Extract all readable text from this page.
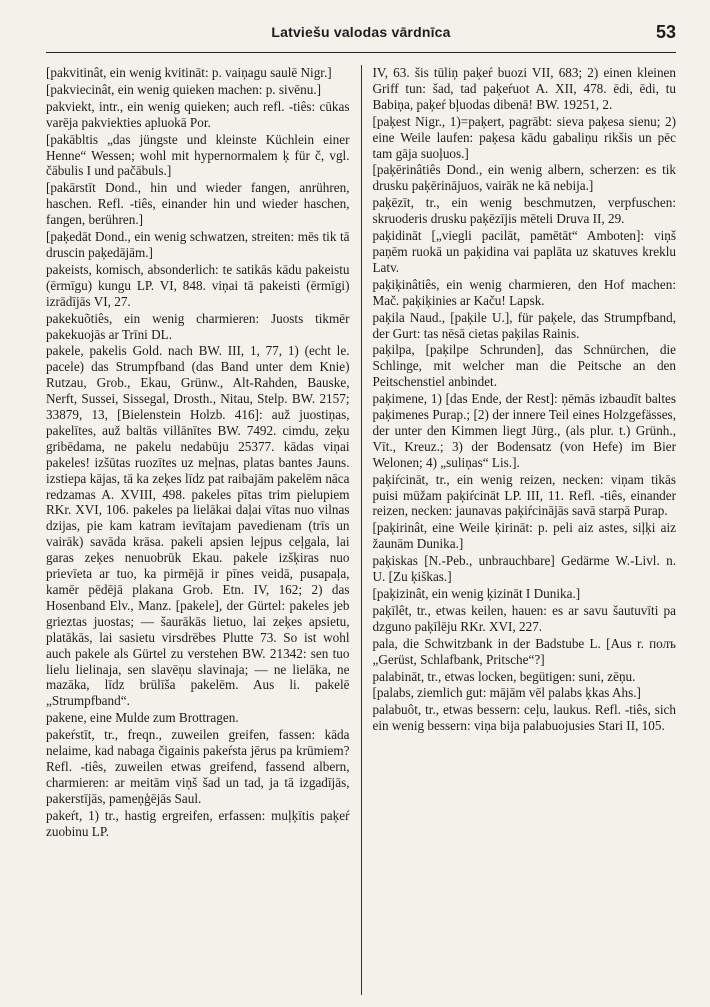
Latviešu valodas vārdnīca	53

[pakvitinât, ein wenig kvitināt: p. vaiņagu saulē Nigr.]

[pakviecinât, ein wenig quieken machen: p. sivēnu.]

pakviekt, intr., ein wenig quieken; auch refl. -tiês: cūkas varēja pakviekties apluokā Por.

[pakābltis „das jüngste und kleinste Küchlein einer Henne“ Wessen; wohl mit hypernormalem ķ für č, vgl. čābulis I und pačābuls.]

[pakārstīt Dond., hin und wieder fangen, anrühren, haschen. Refl. -tiês, einander hin und wieder haschen, fangen, berühren.]

[paķedāt Dond., ein wenig schwatzen, streiten: mēs tik tā druscin paķedājām.]

pakeists, komisch, absonderlich: te satikās kādu pakeistu (ērmīgu) kungu LP. VI, 848. viņai tā pakeisti (ērmīgi) izrādījās VI, 27.

pakekuõtiês, ein wenig charmieren: Juosts tikmēr pakekuojās ar Trīni DL.

pakele, pakelis Gold. nach BW. III, 1, 77, 1) (echt le. pacele) das Strumpfband (das Band unter dem Knie) Rutzau, Grob., Ekau, Grünw., Alt-Rahden, Bauske, Nerft, Sussei, Sissegal, Drosth., Nitau, Stelp. BW. 2157; 33879, 13, [Bielenstein Holzb. 416]: auž juostiņas, pakelītes, auž baltās villānītes BW. 7492. cimdu, zeķu gribēdama, ne pakelu nedabūju 25377. kādas viņai pakeles! izšūtas ruozītes uz meļnas, platas bantes Jauns. izstiepa kājas, tā ka zeķes līdz pat raibajām pakelēm nāca redzamas A. XVIII, 498. pakeles pītas trim pielupiem RKr. XVI, 106. pakeles pa lielākai daļai vītas nuo vilnas dzijas, pie kam katram ievītajam pavedienam (trīs un vairāk) savāda krāsa. pakeli apsien lejpus ceļgala, lai garas zeķes nenuobrūk Ekau. pakele izšķiras nuo prievīeta ar tuo, ka pirmējā ir pīnes veidā, pusapaļa, kamēr pēdējā plakana Grob. Etn. IV, 162; 2) das Hosenband Elv., Manz. [pakele], der Gürtel: pakeles jeb grieztas juostas; — šaurākās lietuo, lai zeķes apsietu, platākās, lai sasietu virsdrēbes Plutte 73. So ist wohl auch pakele als Gürtel zu verstehen BW. 21342: sen tuo lielu lielinaja, sen slavēņu slavinaja; — ne lielāka, ne mazāka, līdz brūlīša pakelēm. Aus li. pakelē „Strumpfband“.

pakene, eine Mulde zum Brottragen.

pakeŕstīt, tr., freqn., zuweilen greifen, fassen: kāda nelaime, kad nabaga čigainis pakeŕsta jērus pa krūmiem? Refl. -tiês, zuweilen etwas greifend, fassend albern, charmieren: ar meitām viņš šad un tad, ja tā izgadījās, pakerstījās, pameņģējās Saul.

pakeŕt, 1) tr., hastig ergreifen, erfassen: muļķītis paķeŕ zuobinu LP.

IV, 63. šis tūliņ paķeŕ buozi VII, 683; 2) einen kleinen Griff tun: šad, tad paķeŕuot A. XII, 478. ēdi, ēdi, tu Babiņa, paķeŕ bļuodas dibenā! BW. 19251, 2.

[paķest Nigr., 1)=paķert, pagrābt: sieva paķesa sienu; 2) eine Weile laufen: paķesa kādu gabaliņu rikšis un pēc tam gāja suoļuos.]

[paķērinâtiês Dond., ein wenig albern, scherzen: es tik drusku paķērinājuos, vairāk ne kā nebija.]

paķēzīt, tr., ein wenig beschmutzen, verpfuschen: skruoderis drusku paķēzījis mēteli Druva II, 29.

paķidināt [„viegli pacilāt, pamētāt“ Amboten]: viņš paņēm ruokā un paķidina vai paplāta uz skatuves kreklu Latv.

paķiķinâtiês, ein wenig charmieren, den Hof machen: Mač. paķiķinies ar Kaču! Lapsk.

paķila Naud., [paķile U.], für paķele, das Strumpfband, der Gurt: tas nēsā cietas paķilas Rainis.

paķilpa, [paķilpe Schrunden], das Schnürchen, die Schlinge, mit welcher man die Peitsche an den Peitschenstiel anbindet.

paķimene, 1) [das Ende, der Rest]: ņēmās izbaudīt baltes paķimenes Purap.; [2) der innere Teil eines Holzgefässes, der unter den Kimmen liegt Jürg., (als plur. t.) Grünh., Vīt., Kreuz.; 3) der Bodensatz (von Hefe) im Bier Welonen; 4) „suliņas“ Lis.].

paķiŕcināt, tr., ein wenig reizen, necken: viņam tikās puisi mūžam paķiŕcināt LP. III, 11. Refl. -tiês, einander reizen, necken: jaunavas paķiŕcinājās savā starpā Purap.

[paķirinât, eine Weile ķirināt: p. peli aiz astes, siļķi aiz žaunām Dunika.]

paķiskas [N.-Peb., unbrauchbare] Gedärme W.-Livl. n. U. [Zu ķiškas.]

[paķizinât, ein wenig ķizināt I Dunika.]

paķīlêt, tr., etwas keilen, hauen: es ar savu šautuvīti pa dzguno paķīlēju RKr. XVI, 227.

pala, die Schwitzbank in der Badstube L. [Aus r. полъ „Gerüst, Schlafbank, Pritsche“?]

palabināt, tr., etwas locken, begütigen: suni, zēņu.

[palabs, ziemlich gut: mājām vēl palabs ķkas Ahs.]

palabuôt, tr., etwas bessern: ceļu, laukus. Refl. -tiês, sich ein wenig bessern: viņa bija palabuojusies Stari II, 105.
